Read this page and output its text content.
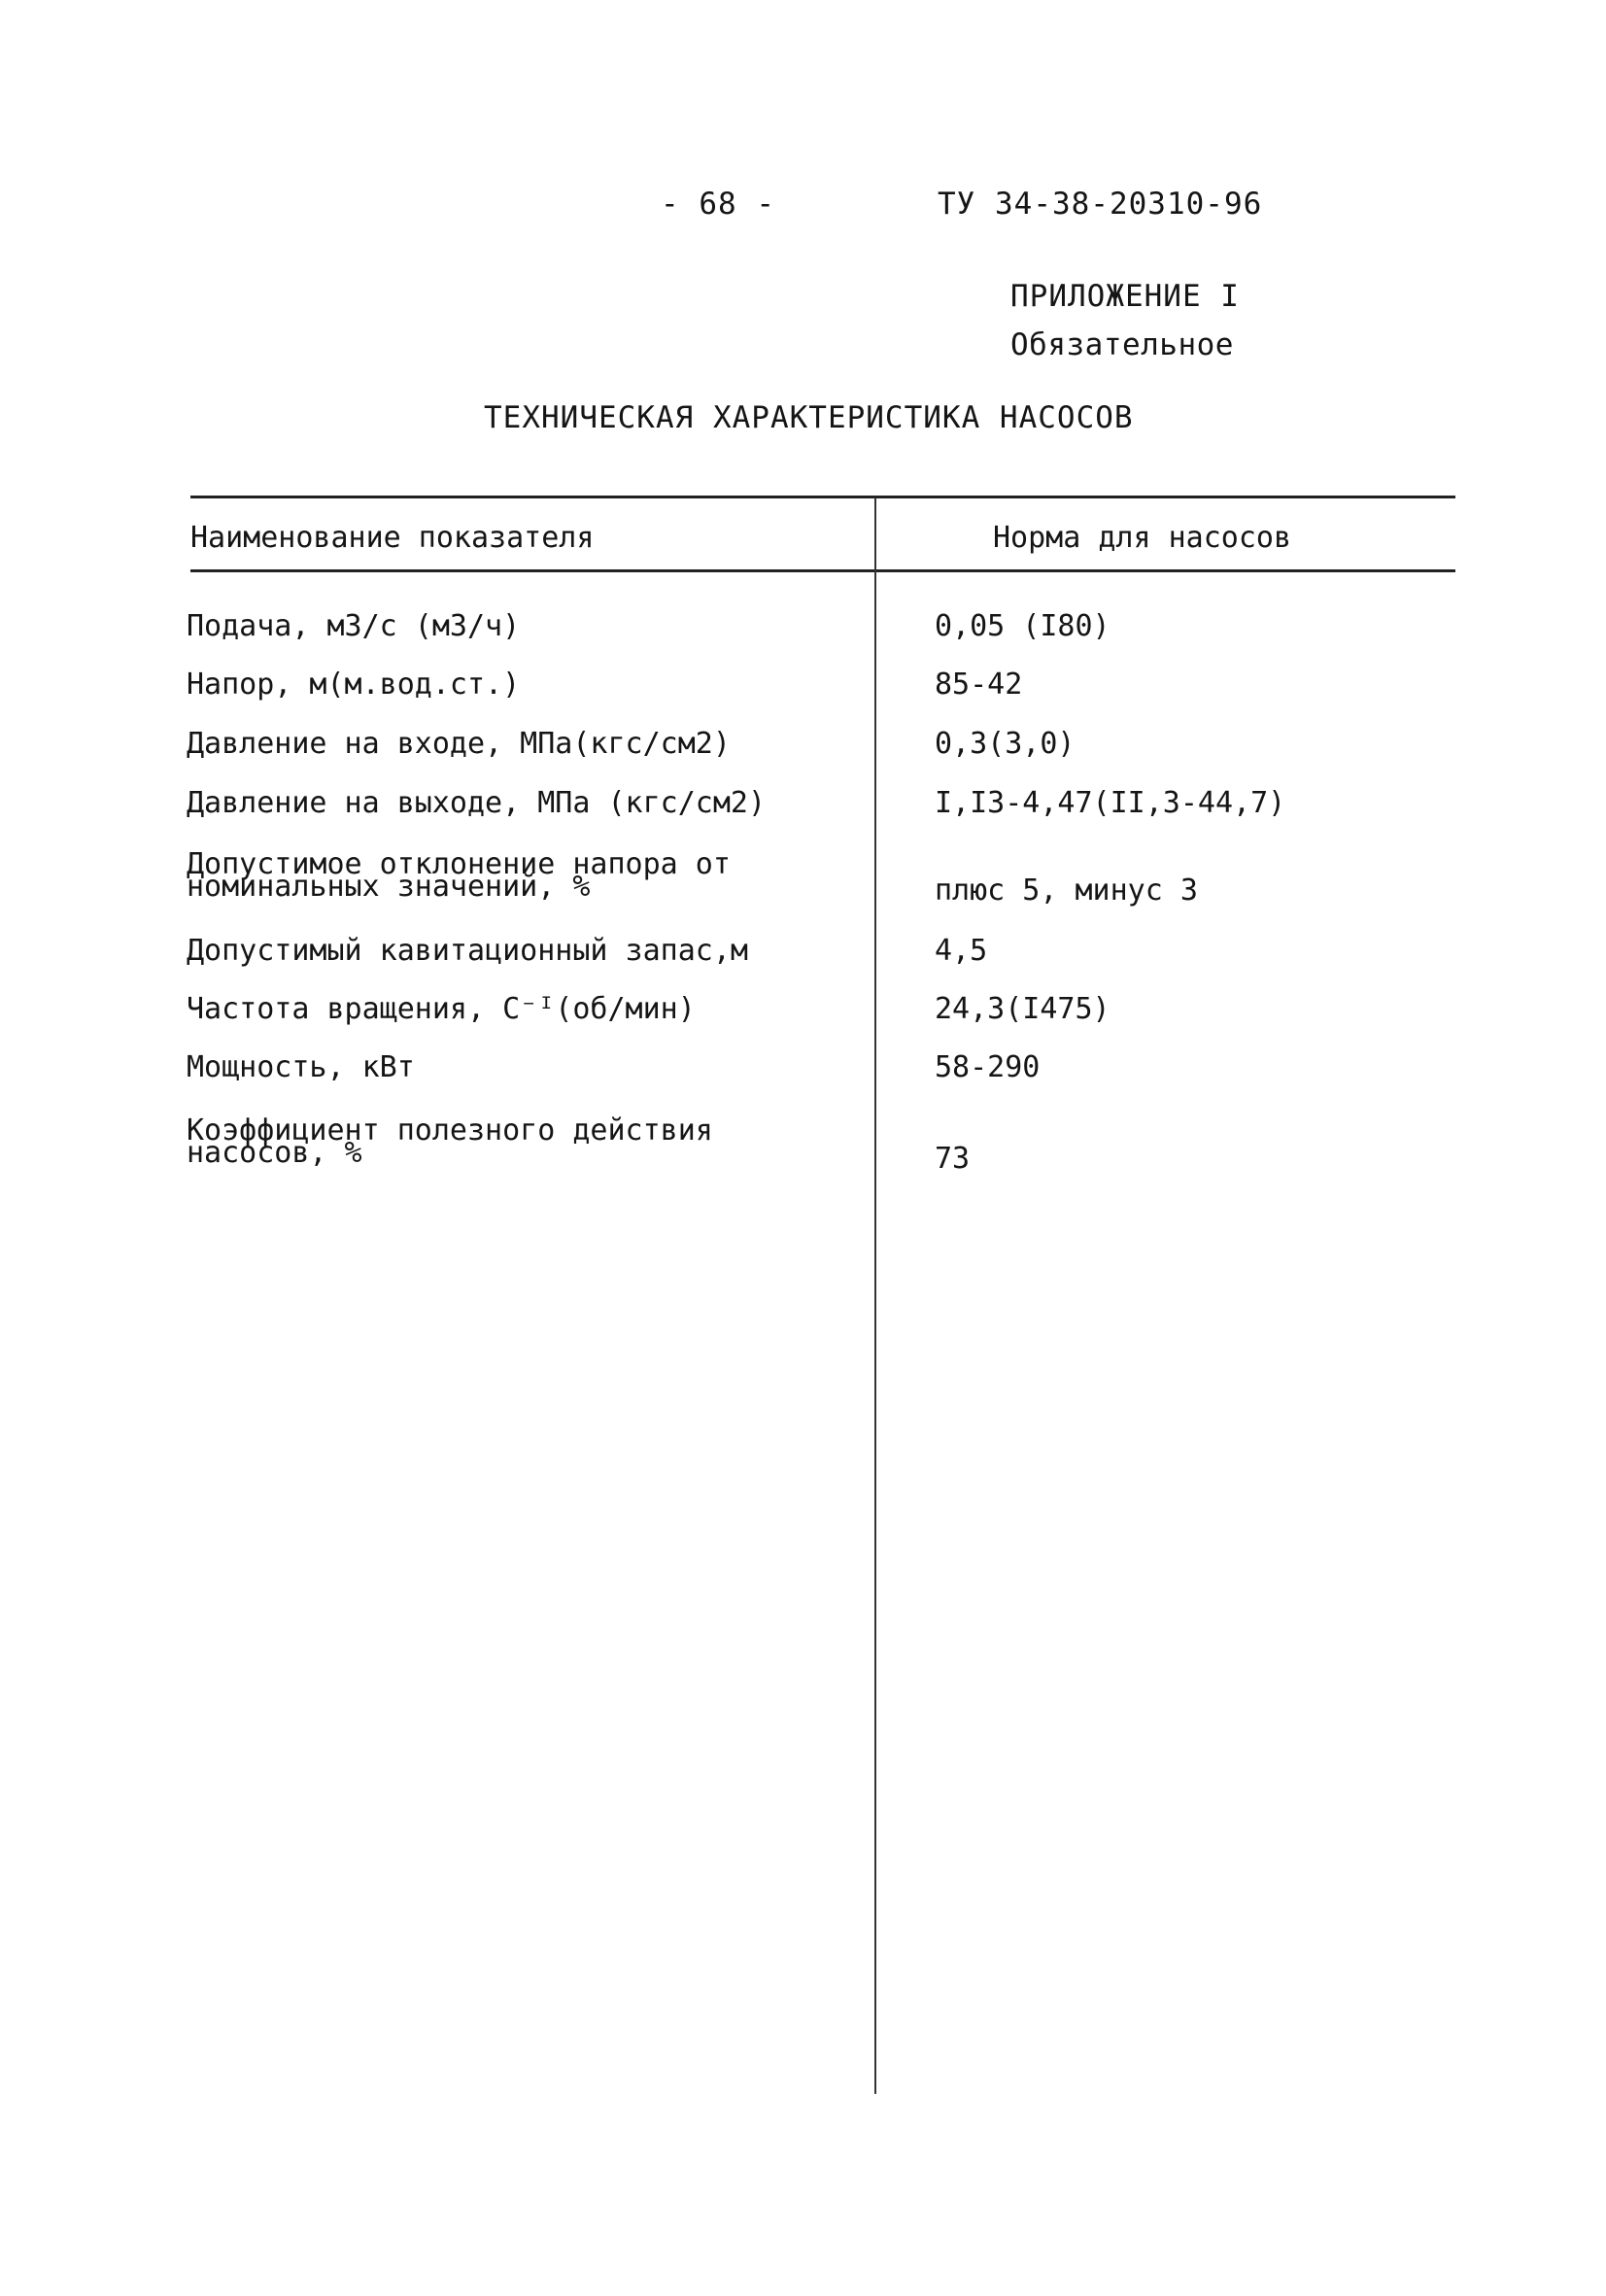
- 68 -	ТУ 34-38-20310-96
ПРИЛОЖЕНИЕ I
Обязательное
ТЕХНИЧЕСКАЯ ХАРАКТЕРИСТИКА НАСОСОВ
Наименование показателя	Норма для насосов
Подача, м3/с (м3/ч)	0,05 (I80)
Напор, м(м.вод.ст.)	85-42
Давление на входе, МПа(кгс/см2)	0,3(3,0)
Давление на выходе, МПа (кгс/см2)	I,I3-4,47(II,3-44,7)
Допустимое отклонение напора от
номинальных значений, %	плюс 5, минус 3
Допустимый кавитационный запас,м	4,5
Частота вращения, С⁻ᴵ(об/мин)	24,3(I475)
Мощность, кВт	58-290
Коэффициент полезного действия
насосов, %	73
